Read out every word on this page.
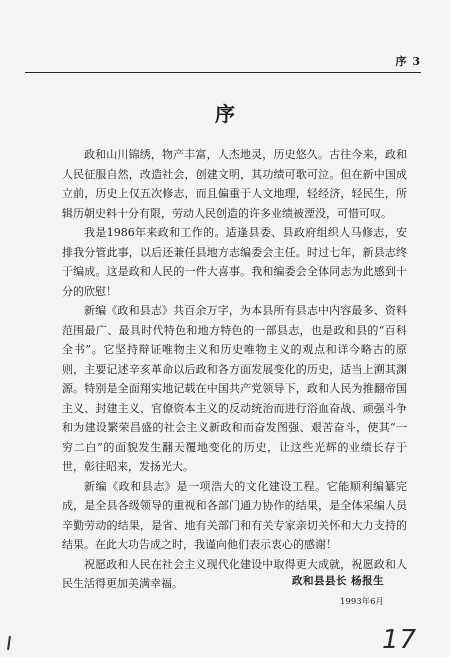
序 3
序

政和山川锦绣，物产丰富，人杰地灵，历史悠久。古往今来，政和人民征服自然，改造社会，创建文明，其功绩可歌可泣。但在新中国成立前，历史上仅五次修志，而且偏重于人文地理，轻经济，轻民生，所辑历朝史料十分有限，劳动人民创造的许多业绩被湮没，可惜可叹。

我是1986年来政和工作的。适逢县委、县政府组织人马修志，安排我分管此事，以后还兼任县地方志编委会主任。时过七年，新县志终于编成。这是政和人民的一件大喜事。我和编委会全体同志为此感到十分的欣慰！

新编《政和县志》共百余万字，为本县所有县志中内容最多、资料范围最广、最具时代特色和地方特色的一部县志，也是政和县的“百科全书”。它坚持辩证唯物主义和历史唯物主义的观点和详今略古的原则，主要记述辛亥革命以后政和各方面发展变化的历史，适当上溯其渊源。特别是全面翔实地记载在中国共产党领导下，政和人民为推翻帝国主义、封建主义、官僚资本主义的反动统治而进行浴血奋战、顽强斗争和为建设繁荣昌盛的社会主义新政和而奋发图强、艰苦奋斗，使其“一穷二白”的面貌发生翻天覆地变化的历史，让这些光辉的业绩长存于世，彰往昭来，发扬光大。

新编《政和县志》是一项浩大的文化建设工程。它能顺利编纂完成，是全县各级领导的重视和各部门通力协作的结果，是全体采编人员辛勤劳动的结果，是省、地有关部门和有关专家亲切关怀和大力支持的结果。在此大功告成之时，我谨向他们表示衷心的感谢！

祝愿政和人民在社会主义现代化建设中取得更大成就，祝愿政和人民生活得更加美满幸福。	政和县县长 杨报生
1993年6月
17
